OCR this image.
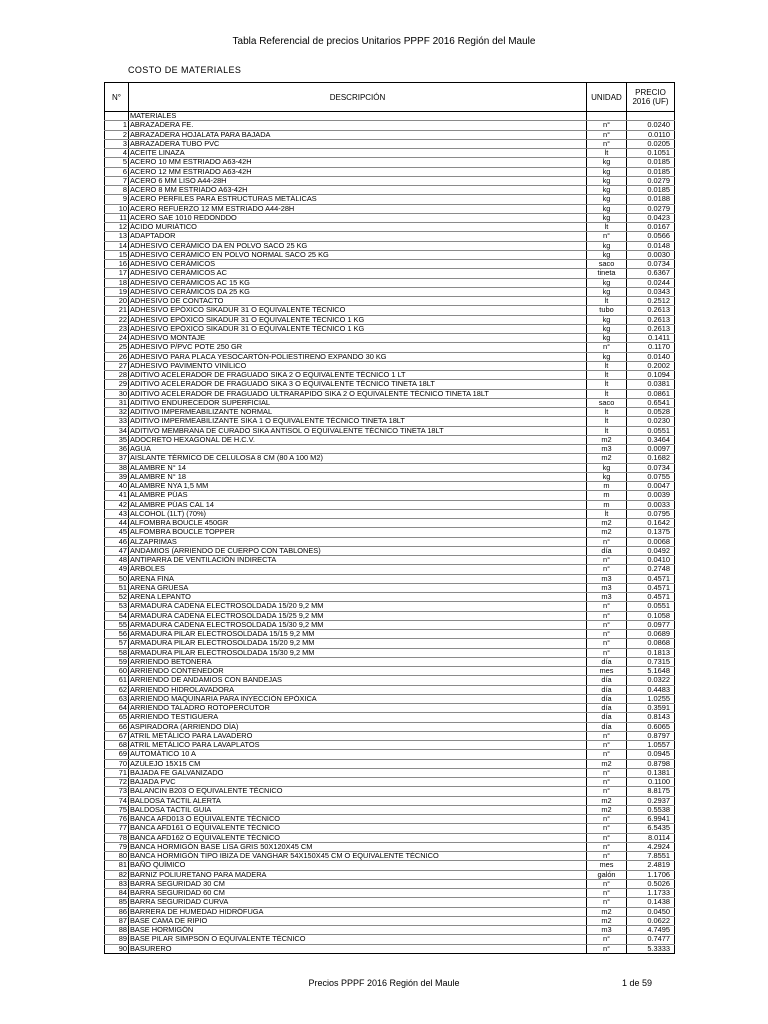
Tabla Referencial de precios Unitarios PPPF 2016 Región del Maule
COSTO DE MATERIALES
N°	DESCRIPCIÓN	UNIDAD	PRECIO
2016 (UF)
	MATERIALES		
1	ABRAZADERA FE.	n°	0.0240
2	ABRAZADERA HOJALATA PARA BAJADA	n°	0.0110
3	ABRAZADERA TUBO PVC	n°	0.0205
4	ACEITE LINAZA	lt	0.1051
5	ACERO 10 MM ESTRIADO A63-42H	kg	0.0185
6	ACERO 12 MM ESTRIADO A63-42H	kg	0.0185
7	ACERO 6 MM LISO A44-28H	kg	0.0279
8	ACERO 8 MM ESTRIADO A63-42H	kg	0.0185
9	ACERO PERFILES PARA ESTRUCTURAS METÁLICAS	kg	0.0188
10	ACERO REFUERZO 12 MM ESTRIADO A44-28H	kg	0.0279
11	ACERO SAE 1010 REDONDDO	kg	0.0423
12	ÁCIDO MURIÁTICO	lt	0.0167
13	ADAPTADOR	n°	0.0566
14	ADHESIVO CERÁMICO DA EN POLVO SACO 25 KG	kg	0.0148
15	ADHESIVO CERÁMICO EN POLVO NORMAL SACO 25 KG	kg	0.0030
16	ADHESIVO CERÁMICOS	saco	0.0734
17	ADHESIVO CERÁMICOS AC	tineta	0.6367
18	ADHESIVO CERÁMICOS AC 15 KG	kg	0.0244
19	ADHESIVO CERÁMICOS DA 25 KG	kg	0.0343
20	ADHESIVO DE CONTACTO	lt	0.2512
21	ADHESIVO EPÓXICO SIKADUR 31 O EQUIVALENTE TÉCNICO	tubo	0.2613
22	ADHESIVO EPÓXICO SIKADUR 31 O EQUIVALENTE TÉCNICO 1 KG	kg	0.2613
23	ADHESIVO EPÓXICO SIKADUR 31 O EQUIVALENTE TÉCNICO 1 KG	kg	0.2613
24	ADHESIVO MONTAJE	kg	0.1411
25	ADHESIVO P/PVC POTE 250 GR	n°	0.1170
26	ADHESIVO PARA PLACA YESOCARTÓN-POLIESTIRENO EXPANDO 30 KG	kg	0.0140
27	ADHESIVO PAVIMENTO VINÍLICO	lt	0.2002
28	ADITIVO ACELERADOR DE FRAGUADO SIKA 2 O EQUIVALENTE TÉCNICO 1 LT	lt	0.1094
29	ADITIVO ACELERADOR DE FRAGUADO SIKA 3 O EQUIVALENTE TÉCNICO TINETA 18LT	lt	0.0381
30	ADITIVO ACELERADOR DE FRAGUADO ULTRARAPIDO SIKA 2 O EQUIVALENTE TÉCNICO TINETA 18LT	lt	0.0861
31	ADITIVO ENDURECEDOR SUPERFICIAL	saco	0.6541
32	ADITIVO IMPERMEABILIZANTE NORMAL	lt	0.0528
33	ADITIVO IMPERMEABILIZANTE SIKA 1 O EQUIVALENTE TÉCNICO TINETA 18LT	lt	0.0230
34	ADITIVO MEMBRANA DE CURADO SIKA ANTISOL O EQUIVALENTE TÉCNICO TINETA 18LT	lt	0.0551
35	ADOCRETO HEXAGONAL DE H.C.V.	m2	0.3464
36	AGUA	m3	0.0097
37	AISLANTE TÉRMICO DE CELULOSA 8 CM (80 A 100 M2)	m2	0.1682
38	ALAMBRE N° 14	kg	0.0734
39	ALAMBRE N° 18	kg	0.0755
40	ALAMBRE NYA 1,5 MM	m	0.0047
41	ALAMBRE PÚAS	m	0.0039
42	ALAMBRE PÚAS CAL 14	m	0.0033
43	ALCOHOL (1LT) (70%)	lt	0.0795
44	ALFOMBRA BOUCLE 450GR	m2	0.1642
45	ALFOMBRA BOUCLE TOPPER	m2	0.1375
46	ALZAPRIMAS	n°	0.0068
47	ANDAMIOS (ARRIENDO DE CUERPO CON TABLONES)	día	0.0492
48	ANTIPARRA DE VENTILACIÓN INDIRECTA	n°	0.0410
49	ÁRBOLES	n°	0.2748
50	ARENA FINA	m3	0.4571
51	ARENA GRUESA	m3	0.4571
52	ARENA LEPANTO	m3	0.4571
53	ARMADURA CADENA ELECTROSOLDADA 15/20 9,2 MM	n°	0.0551
54	ARMADURA CADENA ELECTROSOLDADA 15/25 9,2 MM	n°	0.1058
55	ARMADURA CADENA ELECTROSOLDADA 15/30 9,2 MM	n°	0.0977
56	ARMADURA PILAR ELECTROSOLDADA 15/15 9,2 MM	n°	0.0689
57	ARMADURA PILAR ELECTROSOLDADA 15/20 9,2 MM	n°	0.0868
58	ARMADURA PILAR ELECTROSOLDADA 15/30 9,2 MM	n°	0.1813
59	ARRIENDO BETONERA	día	0.7315
60	ARRIENDO CONTENEDOR	mes	5.1648
61	ARRIENDO DE ANDAMIOS CON BANDEJAS	día	0.0322
62	ARRIENDO HIDROLAVADORA	día	0.4483
63	ARRIENDO MAQUINARIA PARA INYECCIÓN EPÓXICA	día	1.0255
64	ARRIENDO TALADRO ROTOPERCUTOR	día	0.3591
65	ARRIENDO TESTIGUERA	día	0.8143
66	ASPIRADORA (ARRIENDO DÍA)	día	0.6065
67	ATRIL METÁLICO PARA LAVADERO	n°	0.8797
68	ATRIL METÁLICO PARA LAVAPLATOS	n°	1.0557
69	AUTOMÁTICO 10 A	n°	0.0945
70	AZULEJO 15X15 CM	m2	0.8798
71	BAJADA FE GALVANIZADO	n°	0.1381
72	BAJADA PVC	n°	0.1100
73	BALANCIN B203 O EQUIVALENTE TÉCNICO	n°	8.8175
74	BALDOSA TACTIL ALERTA	m2	0.2937
75	BALDOSA TACTIL GUIA	m2	0.5538
76	BANCA AFD013 O EQUIVALENTE TÉCNICO	n°	6.9941
77	BANCA AFD161 O EQUIVALENTE TÉCNICO	n°	6.5435
78	BANCA AFD162 O EQUIVALENTE TÉCNICO	n°	8.0114
79	BANCA HORMIGÓN BASE LISA GRIS 50X120X45 CM	n°	4.2924
80	BANCA HORMIGÓN TIPO IBIZA DE VANGHAR 54X150X45 CM O EQUIVALENTE TÉCNICO	n°	7.8551
81	BAÑO QUÍMICO	mes	2.4819
82	BARNIZ POLIURETANO PARA MADERA	galón	1.1706
83	BARRA SEGURIDAD 30 CM	n°	0.5026
84	BARRA SEGURIDAD 60 CM	n°	1.1733
85	BARRA SEGURIDAD CURVA	n°	0.1438
86	BARRERA DE HUMEDAD HIDRÓFUGA	m2	0.0450
87	BASE CAMA DE RIPIO	m2	0.0622
88	BASE HORMIGÓN	m3	4.7495
89	BASE PILAR SIMPSON O EQUIVALENTE TÉCNICO	n°	0.7477
90	BASURERO	n°	5.3333
Precios PPPF 2016 Región del Maule	1 de 59
